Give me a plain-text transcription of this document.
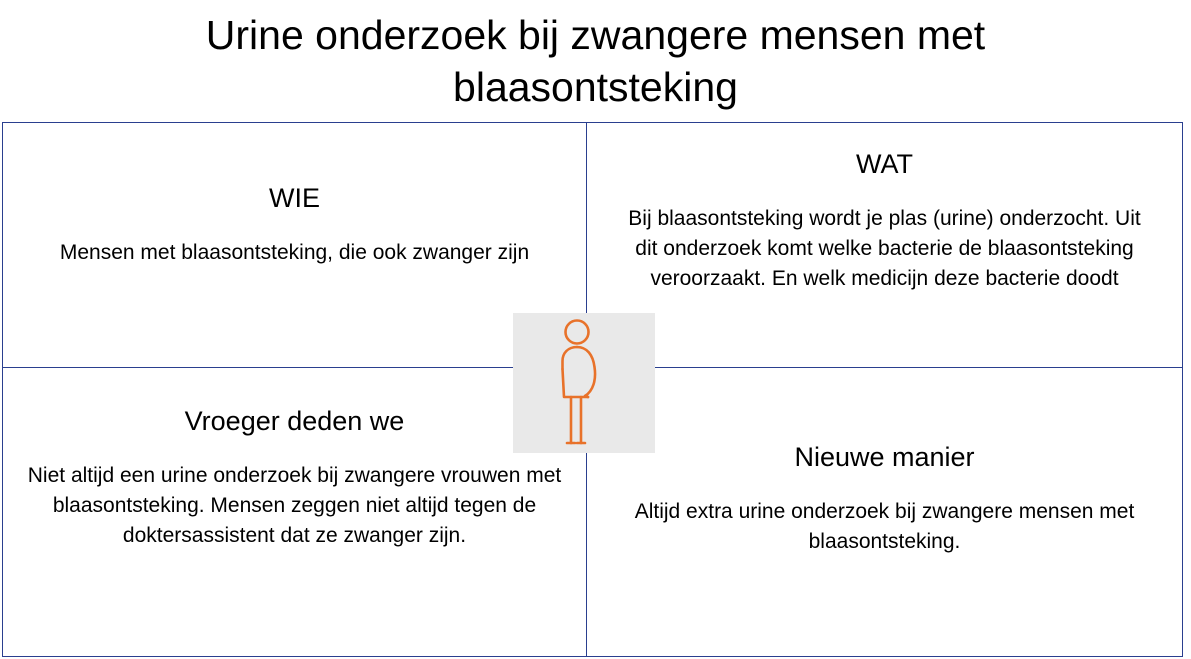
Urine onderzoek bij zwangere mensen met blaasontsteking
WIE
Mensen met blaasontsteking, die ook zwanger zijn
WAT
Bij blaasontsteking wordt je plas (urine) onderzocht. Uit dit onderzoek komt welke bacterie de blaasontsteking veroorzaakt. En welk medicijn deze bacterie doodt
Vroeger deden we
Niet altijd een urine onderzoek bij zwangere vrouwen met blaasontsteking. Mensen zeggen niet altijd tegen de doktersassistent dat ze zwanger zijn.
Nieuwe manier
Altijd extra urine onderzoek bij zwangere mensen met blaasontsteking.
